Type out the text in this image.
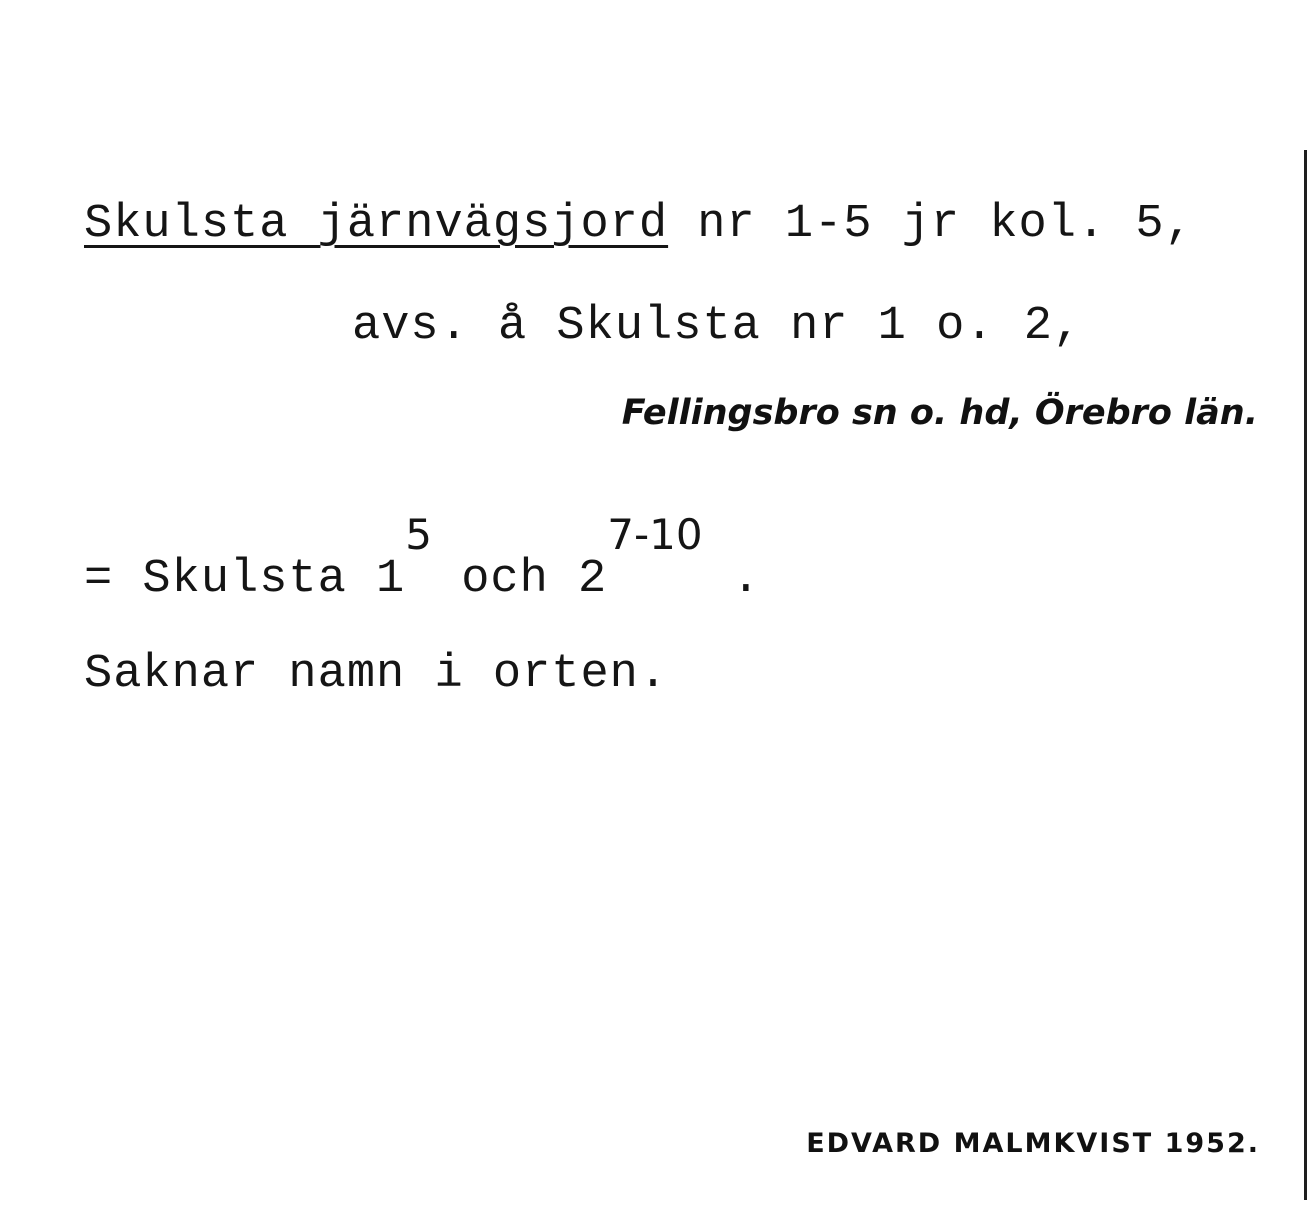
Skulsta järnvägsjord nr 1-5 jr kol. 5,
avs. å Skulsta nr 1 o. 2,
Fellingsbro sn o. hd, Örebro län.
= Skulsta 15 och 27-10 .
Saknar namn i orten.
EDVARD MALMKVIST 1952.
